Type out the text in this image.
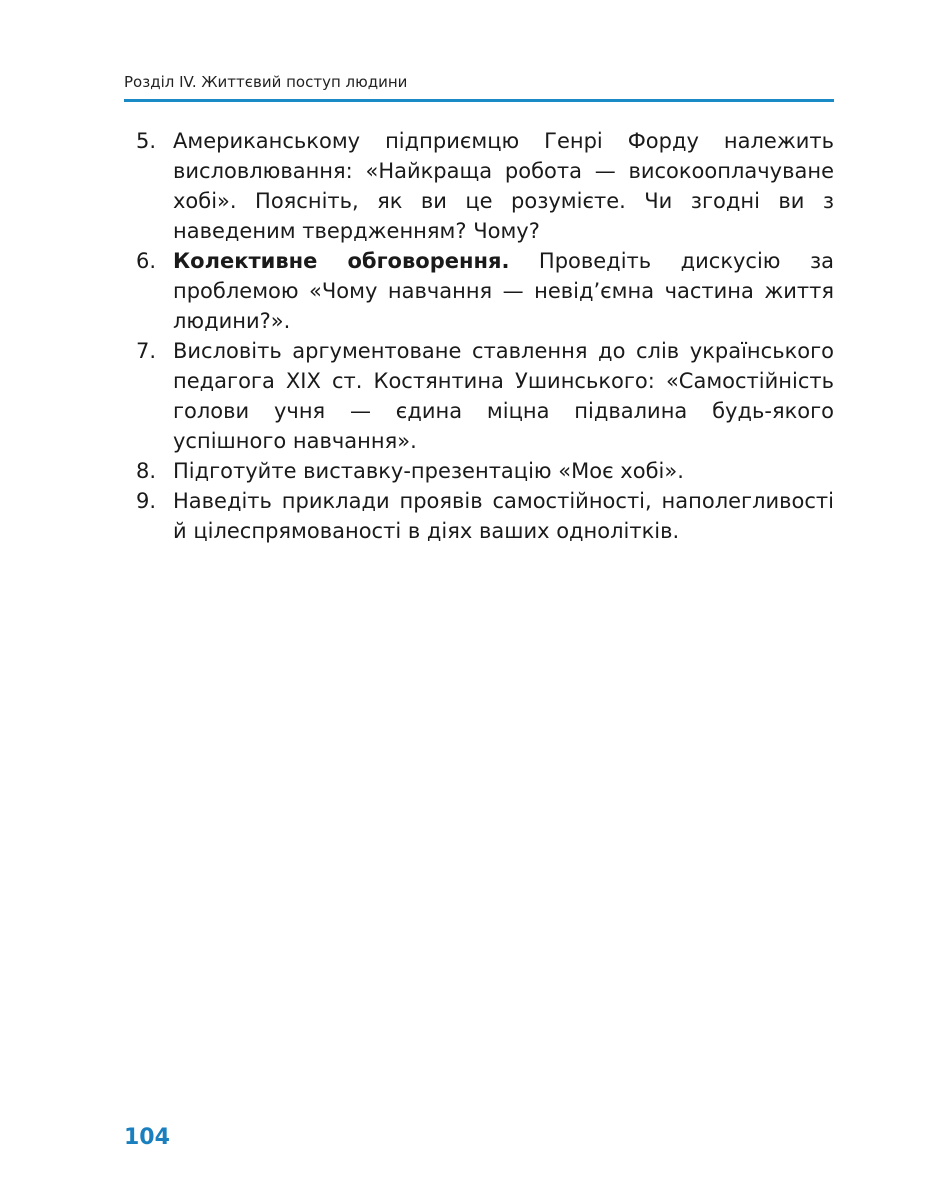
Розділ IV. Життєвий поступ людини
5. Американському підприємцю Генрі Форду належить висловлювання: «Найкраща робота — високооплачуване хобі». Поясніть, як ви це розумієте. Чи згодні ви з наведеним твердженням? Чому?
6. Колективне обговорення. Проведіть дискусію за проблемою «Чому навчання — невід’ємна частина життя людини?».
7. Висловіть аргументоване ставлення до слів українського педагога XIX ст. Костянтина Ушинського: «Самостійність голови учня — єдина міцна підвалина будь-якого успішного навчання».
8. Підготуйте виставку-презентацію «Моє хобі».
9. Наведіть приклади проявів самостійності, наполегливості й цілеспрямованості в діях ваших однолітків.
104
